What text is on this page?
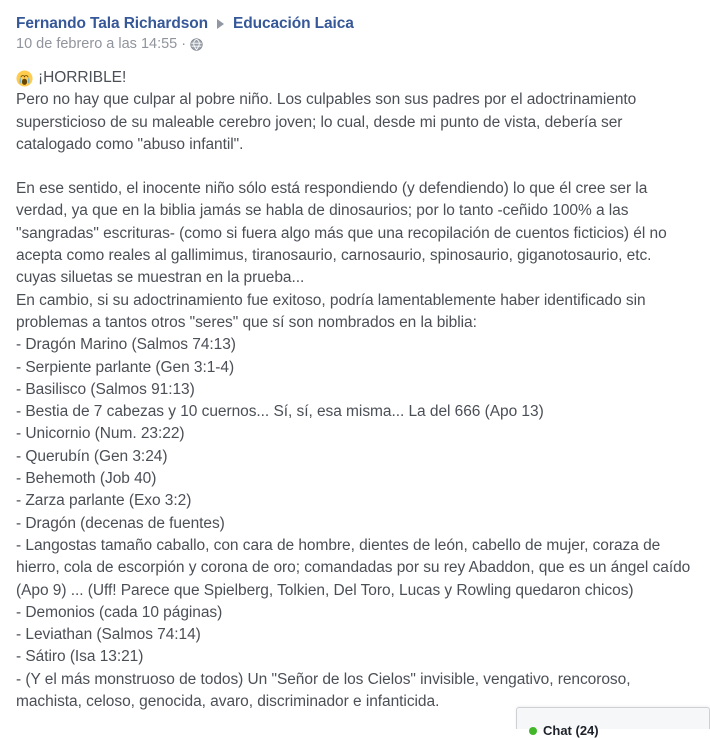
Fernando Tala Richardson Educación Laica
10 de febrero a las 14:55 ·
¡HORRIBLE!

Pero no hay que culpar al pobre niño. Los culpables son sus padres por el adoctrinamiento supersticioso de su maleable cerebro joven; lo cual, desde mi punto de vista, debería ser catalogado como "abuso infantil".

En ese sentido, el inocente niño sólo está respondiendo (y defendiendo) lo que él cree ser la verdad, ya que en la biblia jamás se habla de dinosaurios; por lo tanto -ceñido 100% a las "sangradas" escrituras- (como si fuera algo más que una recopilación de cuentos ficticios) él no acepta como reales al gallimimus, tiranosaurio, carnosaurio, spinosaurio, giganotosaurio, etc. cuyas siluetas se muestran en la prueba...

En cambio, si su adoctrinamiento fue exitoso, podría lamentablemente haber identificado sin problemas a tantos otros "seres" que sí son nombrados en la biblia:

- Dragón Marino (Salmos 74:13)

- Serpiente parlante (Gen 3:1-4)

- Basilisco (Salmos 91:13)

- Bestia de 7 cabezas y 10 cuernos... Sí, sí, esa misma... La del 666 (Apo 13)

- Unicornio (Num. 23:22)

- Querubín (Gen 3:24)

- Behemoth (Job 40)

- Zarza parlante (Exo 3:2)

- Dragón (decenas de fuentes)

- Langostas tamaño caballo, con cara de hombre, dientes de león, cabello de mujer, coraza de hierro, cola de escorpión y corona de oro; comandadas por su rey Abaddon, que es un ángel caído (Apo 9) ... (Uff! Parece que Spielberg, Tolkien, Del Toro, Lucas y Rowling quedaron chicos)

- Demonios (cada 10 páginas)

- Leviathan (Salmos 74:14)

- Sátiro (Isa 13:21)

- (Y el más monstruoso de todos) Un "Señor de los Cielos" invisible, vengativo, rencoroso, machista, celoso, genocida, avaro, discriminador e infanticida.

Chat (24)
